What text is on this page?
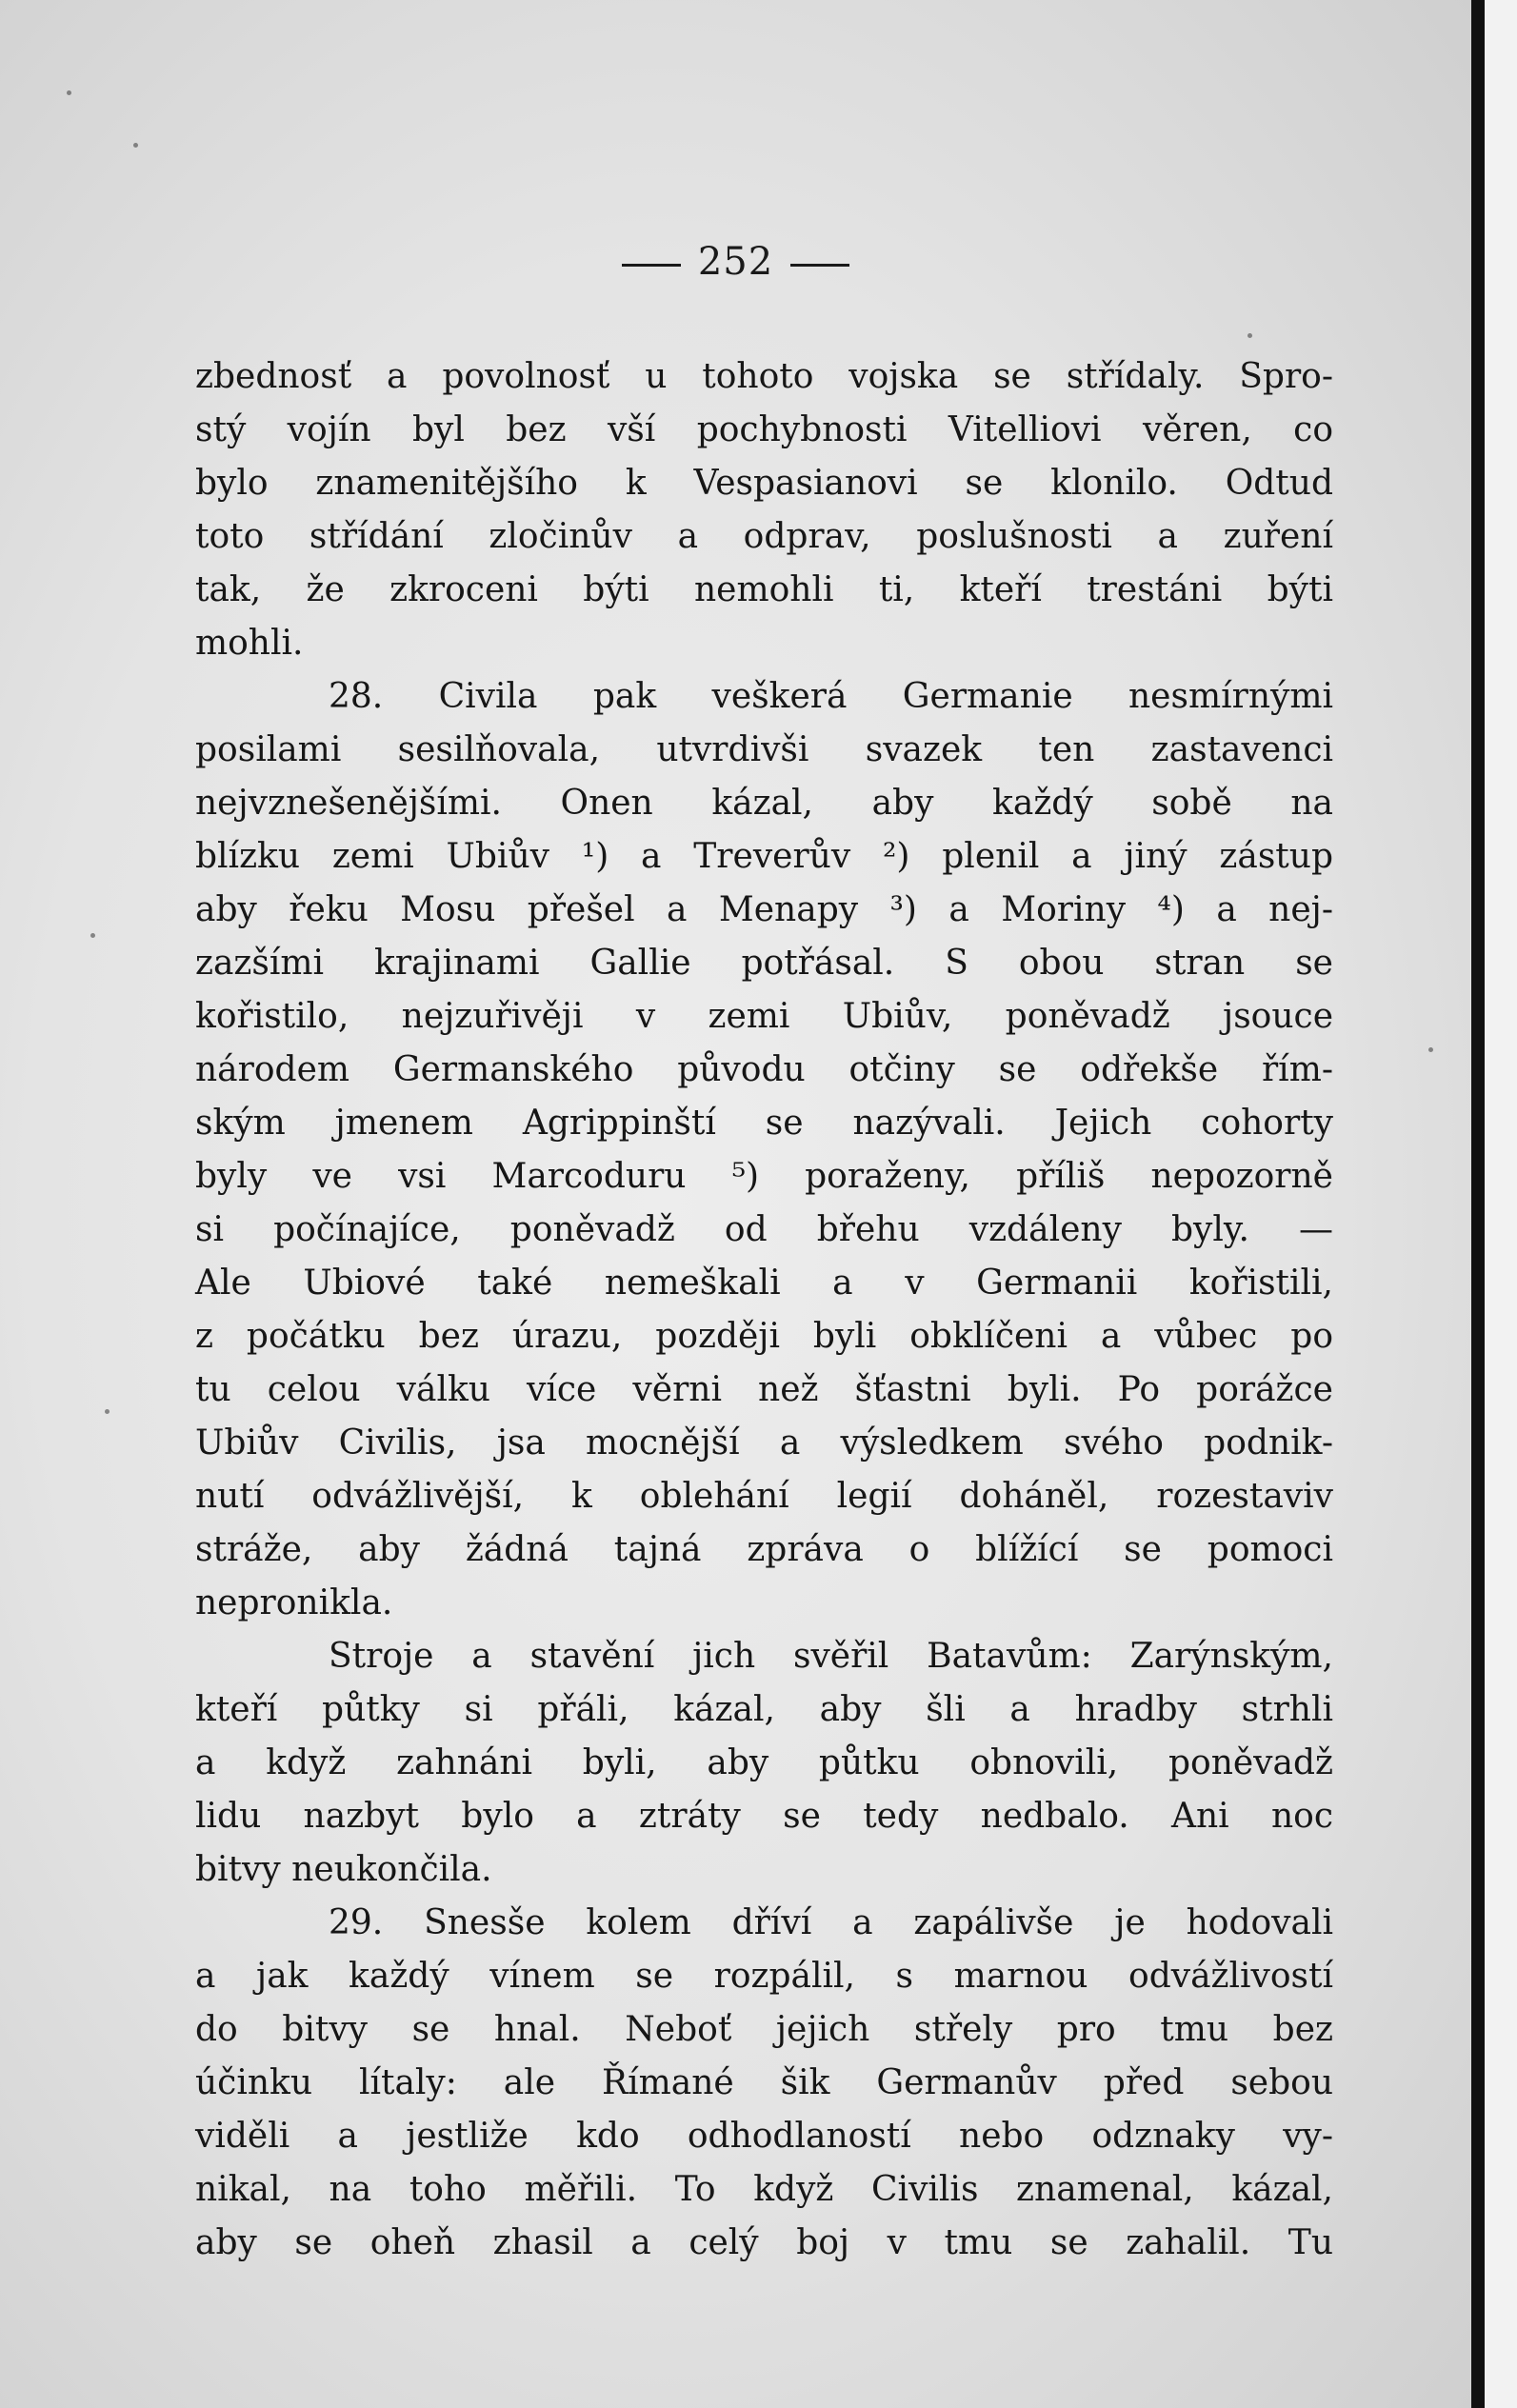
252
zbednosť a povolnosť u tohoto vojska se střídaly. Spro-
stý vojín byl bez vší pochybnosti Vitelliovi věren, co
bylo znamenitějšího k Vespasianovi se klonilo. Odtud
toto střídání zločinův a odprav, poslušnosti a zuření
tak, že zkroceni býti nemohli ti, kteří trestáni býti
mohli.
28. Civila pak veškerá Germanie nesmírnými
posilami sesilňovala, utvrdivši svazek ten zastavenci
nejvznešenějšími. Onen kázal, aby každý sobě na
blízku zemi Ubiův ¹) a Treverův ²) plenil a jiný zástup
aby řeku Mosu přešel a Menapy ³) a Moriny ⁴) a nej-
zazšími krajinami Gallie potřásal. S obou stran se
kořistilo, nejzuřivěji v zemi Ubiův, poněvadž jsouce
národem Germanského původu otčiny se odřekše řím-
ským jmenem Agrippinští se nazývali. Jejich cohorty
byly ve vsi Marcoduru ⁵) poraženy, příliš nepozorně
si počínajíce, poněvadž od břehu vzdáleny byly. —
Ale Ubiové také nemeškali a v Germanii kořistili,
z počátku bez úrazu, později byli obklíčeni a vůbec po
tu celou válku více věrni než šťastni byli. Po porážce
Ubiův Civilis, jsa mocnější a výsledkem svého podnik-
nutí odvážlivější, k oblehání legií doháněl, rozestaviv
stráže, aby žádná tajná zpráva o blížící se pomoci
nepronikla.
Stroje a stavění jich svěřil Batavům: Zarýnským,
kteří půtky si přáli, kázal, aby šli a hradby strhli
a když zahnáni byli, aby půtku obnovili, poněvadž
lidu nazbyt bylo a ztráty se tedy nedbalo. Ani noc
bitvy neukončila.
29. Snesše kolem dříví a zapálivše je hodovali
a jak každý vínem se rozpálil, s marnou odvážlivostí
do bitvy se hnal. Neboť jejich střely pro tmu bez
účinku lítaly: ale Římané šik Germanův před sebou
viděli a jestliže kdo odhodlaností nebo odznaky vy-
nikal, na toho měřili. To když Civilis znamenal, kázal,
aby se oheň zhasil a celý boj v tmu se zahalil. Tu
